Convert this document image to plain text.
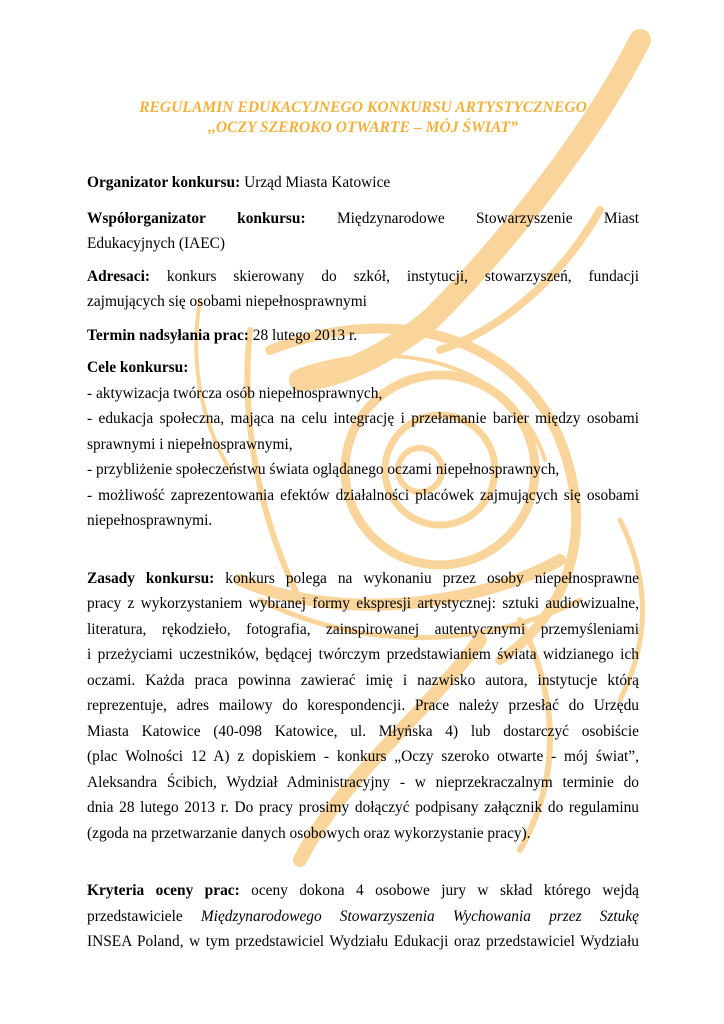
REGULAMIN EDUKACYJNEGO KONKURSU ARTYSTYCZNEGO
,,OCZY SZEROKO OTWARTE – MÓJ ŚWIAT”

Organizator konkursu: Urząd Miasta Katowice

Współorganizator konkursu: Międzynarodowe Stowarzyszenie Miast

Edukacyjnych (IAEC)

Adresaci: konkurs skierowany do szkół, instytucji, stowarzyszeń, fundacji

zajmujących się osobami niepełnosprawnymi

Termin nadsyłania prac: 28 lutego 2013 r.

Cele konkursu:

- aktywizacja twórcza osób niepełnosprawnych,
- edukacja społeczna, mająca na celu integrację i przełamanie barier między osobami
sprawnymi i niepełnosprawnymi,
- przybliżenie społeczeństwu świata oglądanego oczami niepełnosprawnych,
- możliwość zaprezentowania efektów działalności placówek zajmujących się osobami
niepełnosprawnymi.

Zasady konkursu: konkurs polega na wykonaniu przez osoby niepełnosprawne

pracy z wykorzystaniem wybranej formy ekspresji artystycznej: sztuki audiowizualne,

literatura, rękodzieło, fotografia, zainspirowanej autentycznymi przemyśleniami

i przeżyciami uczestników, będącej twórczym przedstawianiem świata widzianego ich

oczami. Każda praca powinna zawierać imię i nazwisko autora, instytucje którą

reprezentuje, adres mailowy do korespondencji. Prace należy przesłać do Urzędu

Miasta Katowice (40-098 Katowice, ul. Młyńska 4) lub dostarczyć osobiście

(plac Wolności 12 A) z dopiskiem - konkurs „Oczy szeroko otwarte - mój świat”,

Aleksandra Ścibich, Wydział Administracyjny - w nieprzekraczalnym terminie do

dnia 28 lutego 2013 r. Do pracy prosimy dołączyć podpisany załącznik do regulaminu

(zgoda na przetwarzanie danych osobowych oraz wykorzystanie pracy).

Kryteria oceny prac: oceny dokona 4 osobowe jury w skład którego wejdą

przedstawiciele Międzynarodowego Stowarzyszenia Wychowania przez Sztukę

INSEA Poland, w tym przedstawiciel Wydziału Edukacji oraz przedstawiciel Wydziału
